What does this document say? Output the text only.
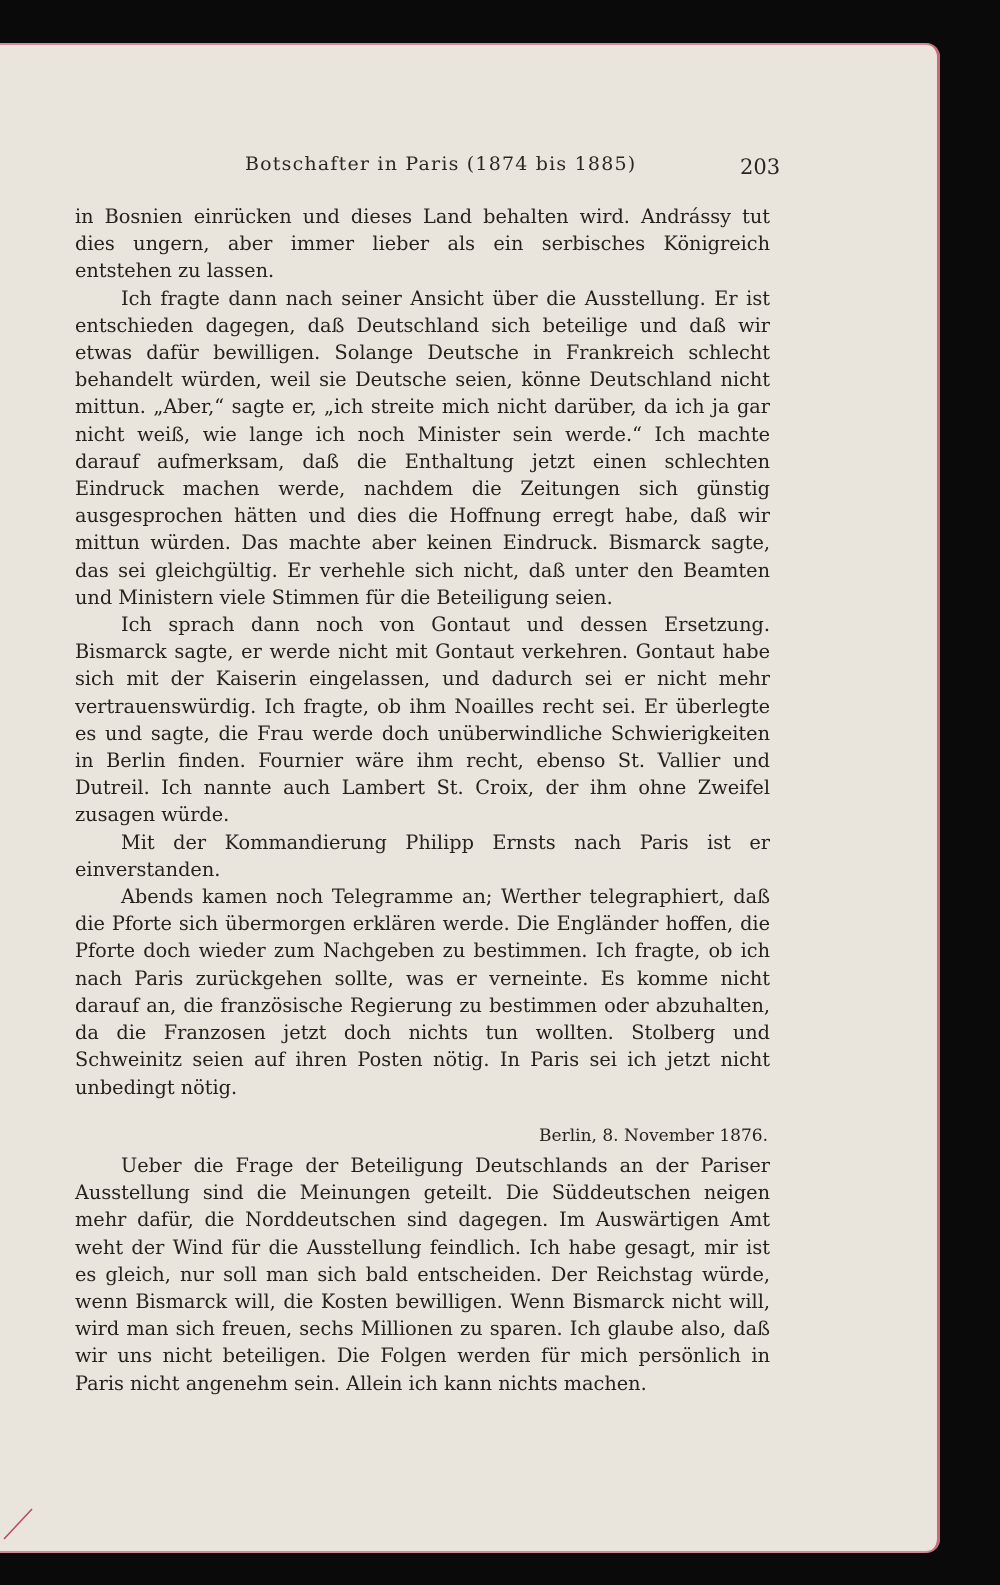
Botschafter in Paris (1874 bis 1885)	203

in Bosnien einrücken und dieses Land behalten wird. Andrássy tut dies ungern, aber immer lieber als ein serbisches Königreich entstehen zu lassen.

Ich fragte dann nach seiner Ansicht über die Ausstellung. Er ist entschieden dagegen, daß Deutschland sich beteilige und daß wir etwas dafür bewilligen. Solange Deutsche in Frankreich schlecht behandelt würden, weil sie Deutsche seien, könne Deutschland nicht mittun. „Aber,“ sagte er, „ich streite mich nicht darüber, da ich ja gar nicht weiß, wie lange ich noch Minister sein werde.“ Ich machte darauf aufmerksam, daß die Enthaltung jetzt einen schlechten Eindruck machen werde, nachdem die Zeitungen sich günstig ausgesprochen hätten und dies die Hoffnung erregt habe, daß wir mittun würden. Das machte aber keinen Eindruck. Bismarck sagte, das sei gleichgültig. Er verhehle sich nicht, daß unter den Beamten und Ministern viele Stimmen für die Beteiligung seien.

Ich sprach dann noch von Gontaut und dessen Ersetzung. Bismarck sagte, er werde nicht mit Gontaut verkehren. Gontaut habe sich mit der Kaiserin eingelassen, und dadurch sei er nicht mehr vertrauenswürdig. Ich fragte, ob ihm Noailles recht sei. Er überlegte es und sagte, die Frau werde doch unüberwindliche Schwierigkeiten in Berlin finden. Fournier wäre ihm recht, ebenso St. Vallier und Dutreil. Ich nannte auch Lambert St. Croix, der ihm ohne Zweifel zusagen würde.

Mit der Kommandierung Philipp Ernsts nach Paris ist er einverstanden.

Abends kamen noch Telegramme an; Werther telegraphiert, daß die Pforte sich übermorgen erklären werde. Die Engländer hoffen, die Pforte doch wieder zum Nachgeben zu bestimmen. Ich fragte, ob ich nach Paris zurückgehen sollte, was er verneinte. Es komme nicht darauf an, die französische Regierung zu bestimmen oder abzuhalten, da die Franzosen jetzt doch nichts tun wollten. Stolberg und Schweinitz seien auf ihren Posten nötig. In Paris sei ich jetzt nicht unbedingt nötig.

Berlin, 8. November 1876.

Ueber die Frage der Beteiligung Deutschlands an der Pariser Ausstellung sind die Meinungen geteilt. Die Süddeutschen neigen mehr dafür, die Norddeutschen sind dagegen. Im Auswärtigen Amt weht der Wind für die Ausstellung feindlich. Ich habe gesagt, mir ist es gleich, nur soll man sich bald entscheiden. Der Reichstag würde, wenn Bismarck will, die Kosten bewilligen. Wenn Bismarck nicht will, wird man sich freuen, sechs Millionen zu sparen. Ich glaube also, daß wir uns nicht beteiligen. Die Folgen werden für mich persönlich in Paris nicht angenehm sein. Allein ich kann nichts machen.
